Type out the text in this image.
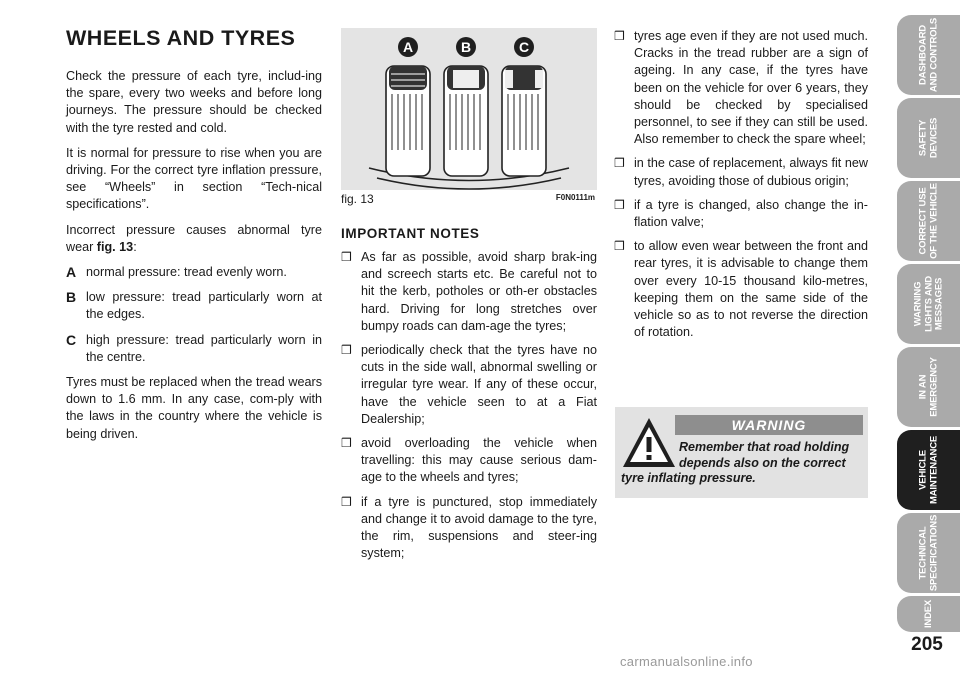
WHEELS AND TYRES

Check the pressure of each tyre, includ-ing the spare, every two weeks and before long journeys. The pressure should be checked with the tyre rested and cold.

It is normal for pressure to rise when you are driving. For the correct tyre inflation pressure, see “Wheels” in section “Tech-nical specifications”.

Incorrect pressure causes abnormal tyre wear fig. 13:

A normal pressure: tread evenly worn.
B low pressure: tread particularly worn at the edges.
C high pressure: tread particularly worn in the centre.

Tyres must be replaced when the tread wears down to 1.6 mm. In any case, com-ply with the laws in the country where the vehicle is being driven.

A	B	C
fig. 13	F0N0111m
IMPORTANT NOTES
❒ As far as possible, avoid sharp brak-ing and screech starts etc. Be careful not to hit the kerb, potholes or oth-er obstacles hard. Driving for long stretches over bumpy roads can dam-age the tyres;
❒ periodically check that the tyres have no cuts in the side wall, abnormal swelling or irregular tyre wear. If any of these occur, have the vehicle seen to at a Fiat Dealership;
❒ avoid overloading the vehicle when travelling: this may cause serious dam-age to the wheels and tyres;
❒ if a tyre is punctured, stop immediately and change it to avoid damage to the tyre, the rim, suspensions and steer-ing system;
❒ tyres age even if they are not used much. Cracks in the tread rubber are a sign of ageing. In any case, if the tyres have been on the vehicle for over 6 years, they should be checked by specialised personnel, to see if they can still be used. Also remember to check the spare wheel;
❒ in the case of replacement, always fit new tyres, avoiding those of dubious origin;
❒ if a tyre is changed, also change the in-flation valve;
❒ to allow even wear between the front and rear tyres, it is advisable to change them over every 10-15 thousand kilo-metres, keeping them on the same side of the vehicle so as to not reverse the direction of rotation.
WARNING
Remember that road holding
depends also on the correct
tyre inflating pressure.
DASHBOARD
AND CONTROLS
SAFETY
DEVICES
CORRECT USE
OF THE VEHICLE
WARNING
LIGHTS AND
MESSAGES
IN AN
EMERGENCY
VEHICLE
MAINTENANCE
TECHNICAL
SPECIFICATIONS
INDEX
205
carmanualsonline.info
